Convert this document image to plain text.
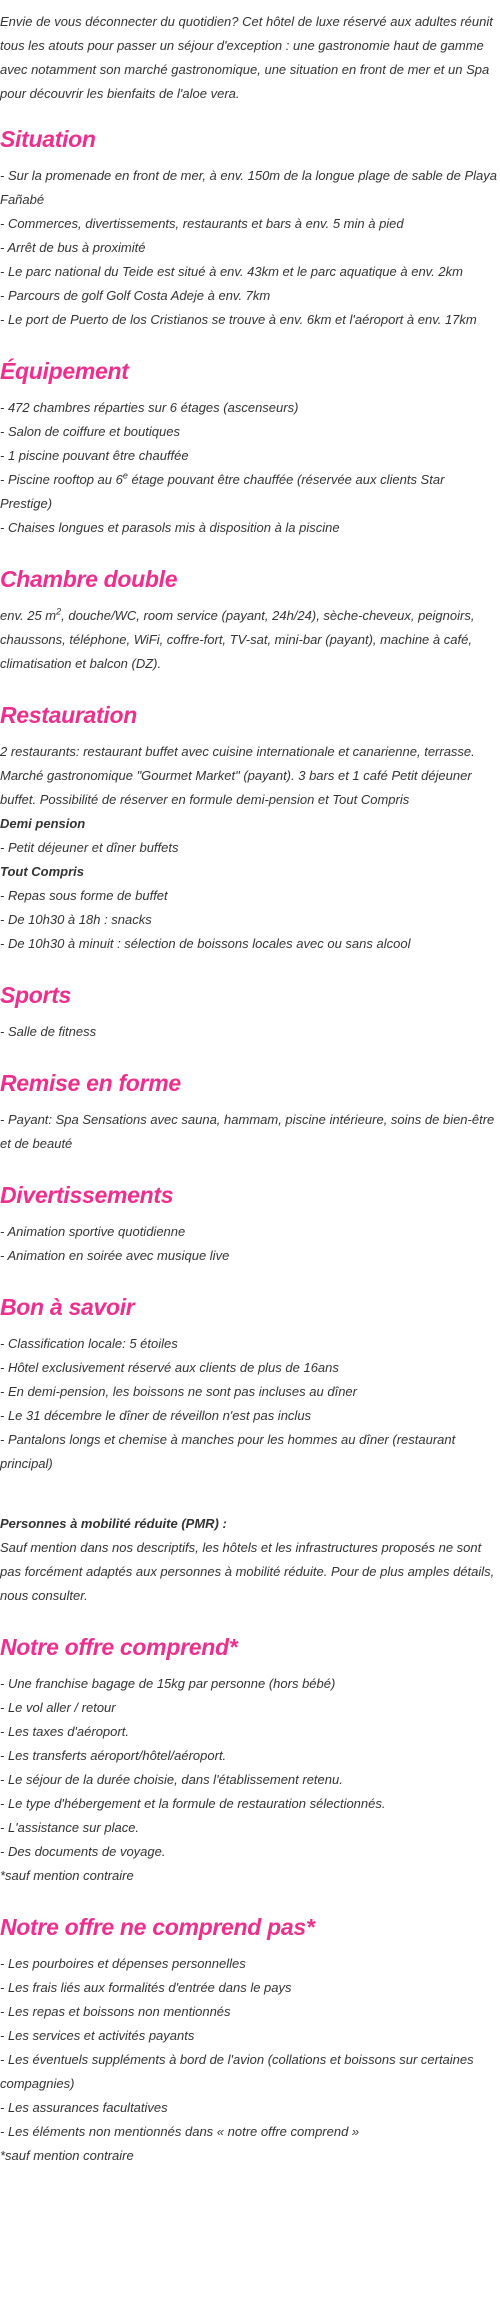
Envie de vous déconnecter du quotidien? Cet hôtel de luxe réservé aux adultes réunit tous les atouts pour passer un séjour d'exception : une gastronomie haut de gamme avec notamment son marché gastronomique, une situation en front de mer et un Spa pour découvrir les bienfaits de l'aloe vera.

Situation
- Sur la promenade en front de mer, à env. 150m de la longue plage de sable de Playa Fañabé
- Commerces, divertissements, restaurants et bars à env. 5 min à pied
- Arrêt de bus à proximité
- Le parc national du Teide est situé à env. 43km et le parc aquatique à env. 2km
- Parcours de golf Golf Costa Adeje à env. 7km
- Le port de Puerto de los Cristianos se trouve à env. 6km et l'aéroport à env. 17km
Équipement
- 472 chambres réparties sur 6 étages (ascenseurs)
- Salon de coiffure et boutiques
- 1 piscine pouvant être chauffée
- Piscine rooftop au 6e étage pouvant être chauffée (réservée aux clients Star Prestige)
- Chaises longues et parasols mis à disposition à la piscine
Chambre double
env. 25 $m^2$, douche/WC, room service (payant, 24h/24), sèche-cheveux, peignoirs, chaussons, téléphone, WiFi, coffre-fort, TV-sat, mini-bar (payant), machine à café, climatisation et balcon (DZ).
Restauration
2 restaurants: restaurant buffet avec cuisine internationale et canarienne, terrasse. Marché gastronomique "Gourmet Market" (payant). 3 bars et 1 café Petit déjeuner buffet. Possibilité de réserver en formule demi-pension et Tout Compris
Demi pension
- Petit déjeuner et dîner buffets
Tout Compris
- Repas sous forme de buffet
- De 10h30 à 18h : snacks
- De 10h30 à minuit : sélection de boissons locales avec ou sans alcool
Sports
- Salle de fitness
Remise en forme
- Payant: Spa Sensations avec sauna, hammam, piscine intérieure, soins de bien-être et de beauté
Divertissements
- Animation sportive quotidienne
- Animation en soirée avec musique live
Bon à savoir
- Classification locale: 5 étoiles
- Hôtel exclusivement réservé aux clients de plus de 16ans
- En demi-pension, les boissons ne sont pas incluses au dîner
- Le 31 décembre le dîner de réveillon n'est pas inclus
- Pantalons longs et chemise à manches pour les hommes au dîner (restaurant principal)
Personnes à mobilité réduite (PMR) :
Sauf mention dans nos descriptifs, les hôtels et les infrastructures proposés ne sont pas forcément adaptés aux personnes à mobilité réduite. Pour de plus amples détails, nous consulter.
Notre offre comprend*
- Une franchise bagage de 15kg par personne (hors bébé)
- Le vol aller / retour
- Les taxes d'aéroport.
- Les transferts aéroport/hôtel/aéroport.
- Le séjour de la durée choisie, dans l'établissement retenu.
- Le type d'hébergement et la formule de restauration sélectionnés.
- L'assistance sur place.
- Des documents de voyage.
*sauf mention contraire
Notre offre ne comprend pas*
- Les pourboires et dépenses personnelles
- Les frais liés aux formalités d'entrée dans le pays
- Les repas et boissons non mentionnés
- Les services et activités payants
- Les éventuels suppléments à bord de l'avion (collations et boissons sur certaines compagnies)
- Les assurances facultatives
- Les éléments non mentionnés dans « notre offre comprend »
*sauf mention contraire
